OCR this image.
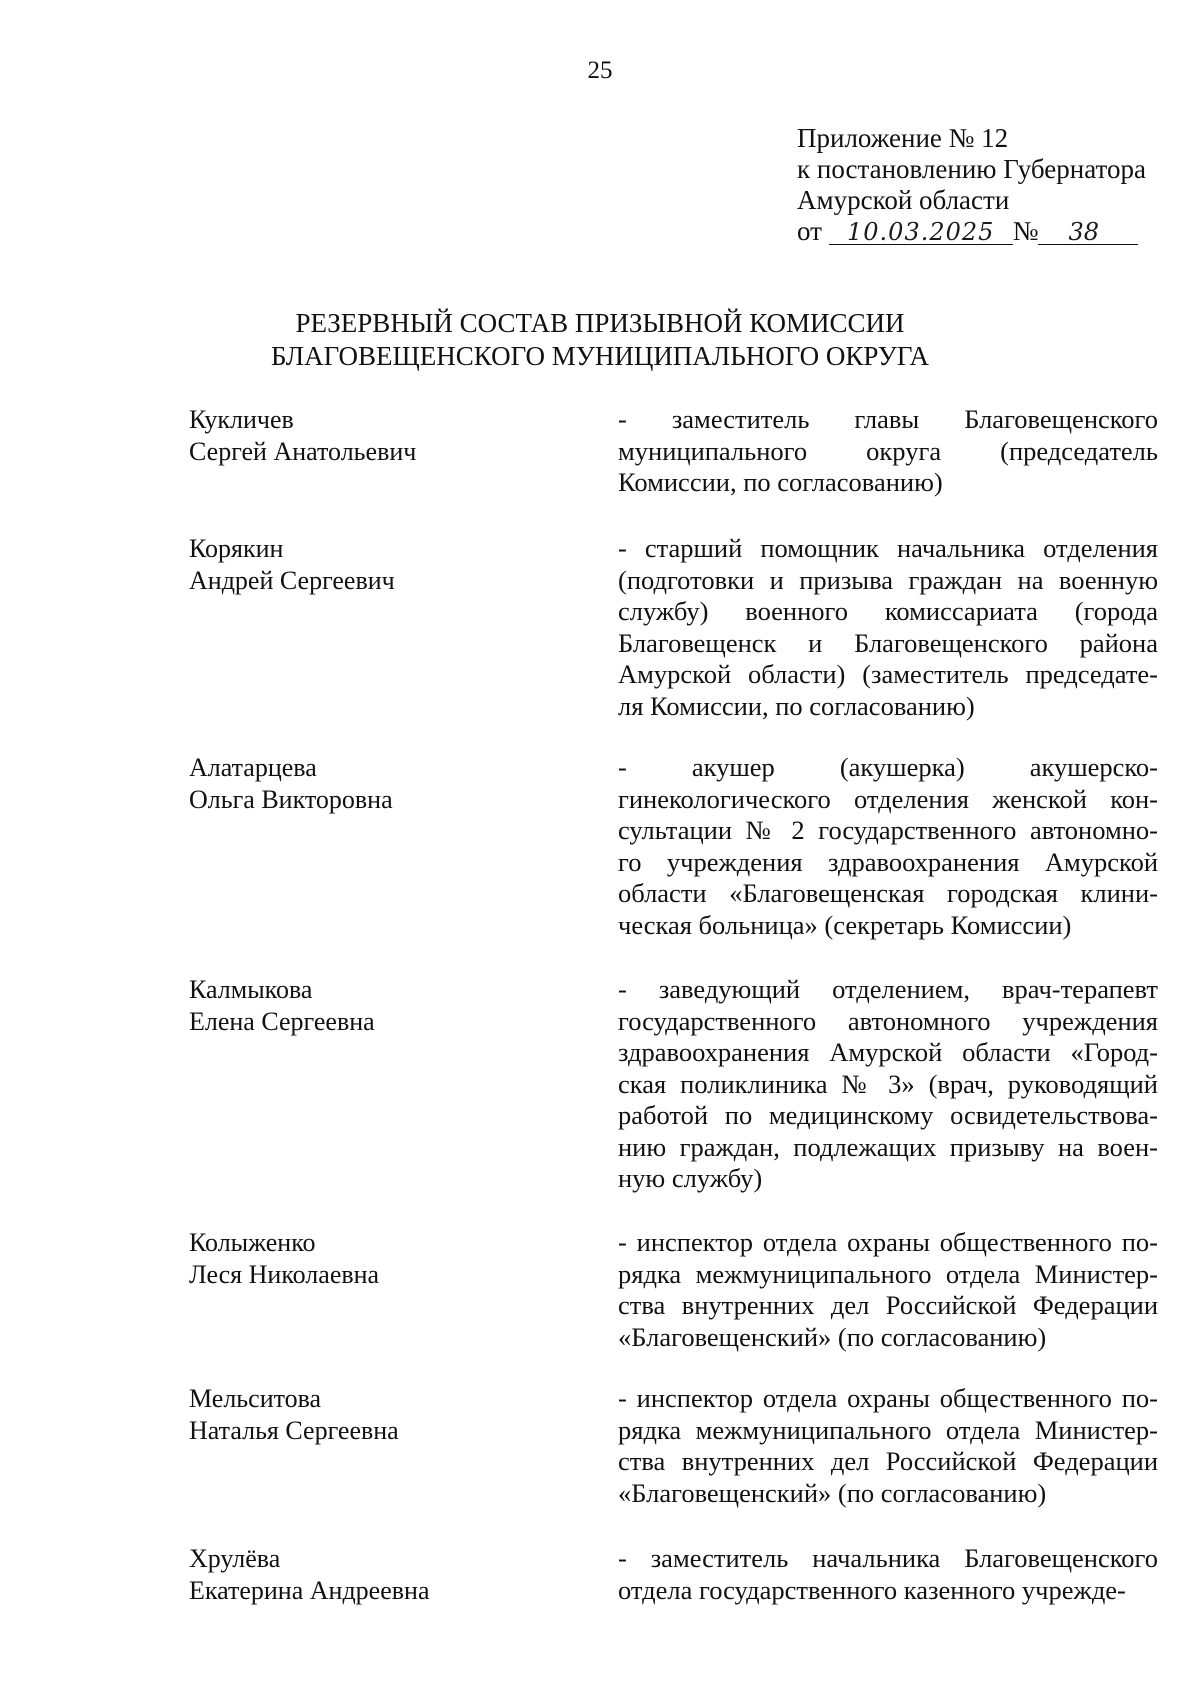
25
Приложение № 12
к постановлению Губернатора
Амурской области
от 10.03.2025 № 38
РЕЗЕРВНЫЙ СОСТАВ ПРИЗЫВНОЙ КОМИССИИ
БЛАГОВЕЩЕНСКОГО МУНИЦИПАЛЬНОГО ОКРУГА
Кукличев
Сергей Анатольевич
- заместитель главы Благовещенского
муниципального округа (председатель
Комиссии, по согласованию)
Корякин
Андрей Сергеевич
- старший помощник начальника отделения
(подготовки и призыва граждан на военную
службу) военного комиссариата (города
Благовещенск и Благовещенского района
Амурской области) (заместитель председате-
ля Комиссии, по согласованию)
Алатарцева
Ольга Викторовна
- акушер (акушерка) акушерско-
гинекологического отделения женской кон-
сультации № 2 государственного автономно-
го учреждения здравоохранения Амурской
области «Благовещенская городская клини-
ческая больница» (секретарь Комиссии)
Калмыкова
Елена Сергеевна
- заведующий отделением, врач-терапевт
государственного автономного учреждения
здравоохранения Амурской области «Город-
ская поликлиника № 3» (врач, руководящий
работой по медицинскому освидетельствова-
нию граждан, подлежащих призыву на воен-
ную службу)
Колыженко
Леся Николаевна
- инспектор отдела охраны общественного по-
рядка межмуниципального отдела Министер-
ства внутренних дел Российской Федерации
«Благовещенский» (по согласованию)
Мельситова
Наталья Сергеевна
- инспектор отдела охраны общественного по-
рядка межмуниципального отдела Министер-
ства внутренних дел Российской Федерации
«Благовещенский» (по согласованию)
Хрулёва
Екатерина Андреевна
- заместитель начальника Благовещенского
отдела государственного казенного учрежде-
